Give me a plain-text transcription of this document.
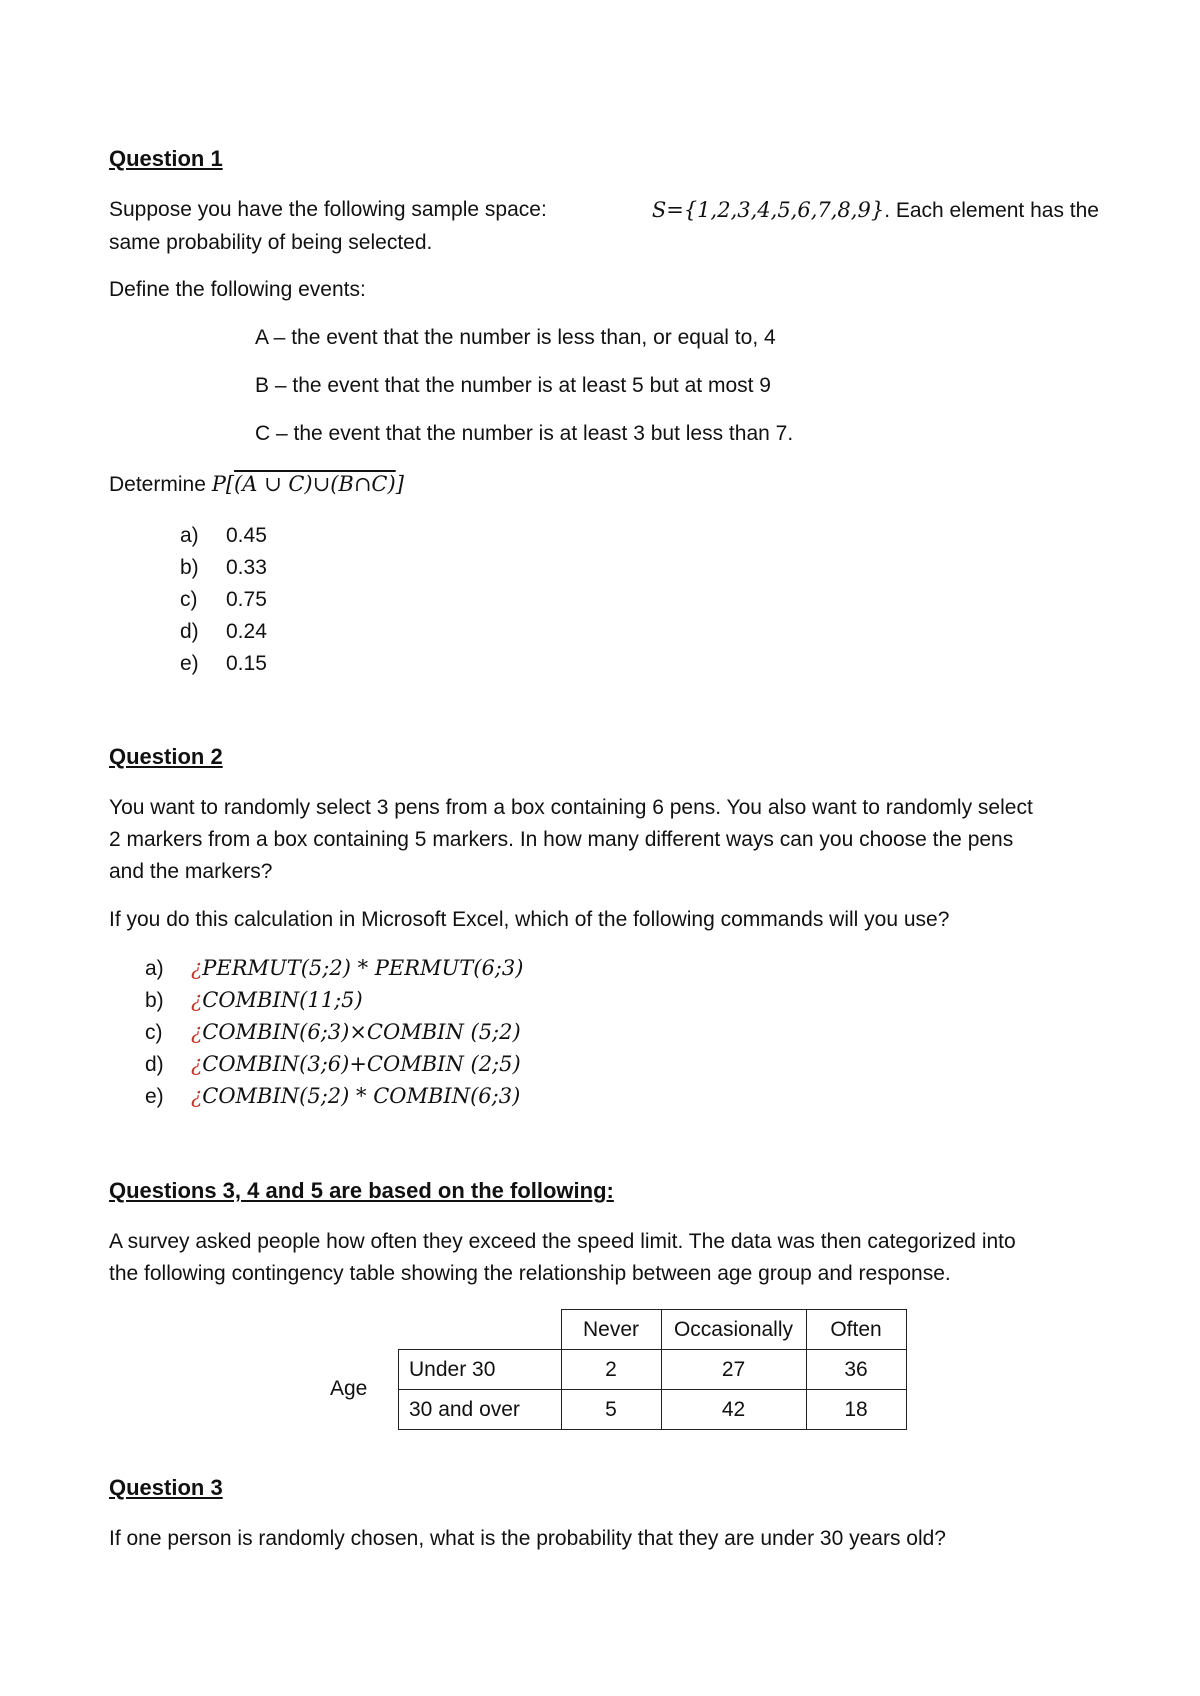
Question 1
Suppose you have the following sample space:	S={1,2,3,4,5,6,7,8,9}. Each element has the
same probability of being selected.
Define the following events:
A – the event that the number is less than, or equal to, 4
B – the event that the number is at least 5 but at most 9
C – the event that the number is at least 3 but less than 7.
Determine P[(A ∪ C)∪(B∩C)]
a) 0.45
b) 0.33
c) 0.75
d) 0.24
e) 0.15
Question 2
You want to randomly select 3 pens from a box containing 6 pens. You also want to randomly select
2 markers from a box containing 5 markers. In how many different ways can you choose the pens
and the markers?
If you do this calculation in Microsoft Excel, which of the following commands will you use?
a) ¿PERMUT(5;2) * PERMUT(6;3)
b) ¿COMBIN(11;5)
c) ¿COMBIN(6;3)×COMBIN (5;2)
d) ¿COMBIN(3;6)+COMBIN (2;5)
e) ¿COMBIN(5;2) * COMBIN(6;3)
Questions 3, 4 and 5 are based on the following:
A survey asked people how often they exceed the speed limit. The data was then categorized into
the following contingency table showing the relationship between age group and response.
Age
	Never	Occasionally	Often
Under 30	2	27	36
30 and over	5	42	18
Question 3
If one person is randomly chosen, what is the probability that they are under 30 years old?
